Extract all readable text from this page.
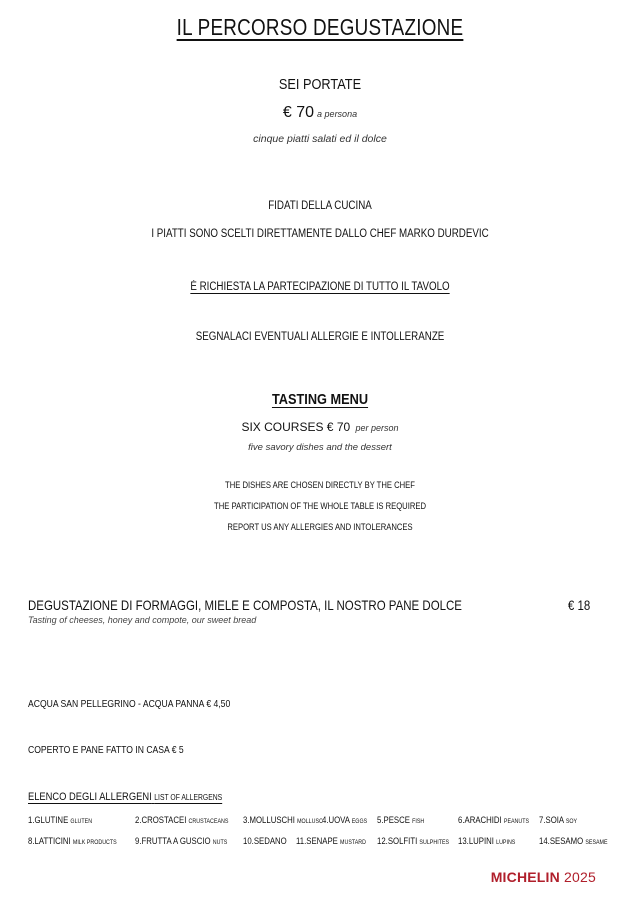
IL PERCORSO DEGUSTAZIONE
SEI PORTATE
€ 70 a persona
cinque piatti salati ed il dolce
FIDATI DELLA CUCINA
I PIATTI SONO SCELTI DIRETTAMENTE DALLO CHEF MARKO DURDEVIC
È RICHIESTA LA PARTECIPAZIONE DI TUTTO IL TAVOLO
SEGNALACI EVENTUALI ALLERGIE E INTOLLERANZE
TASTING MENU
SIX COURSES € 70 per person
five savory dishes and the dessert
THE DISHES ARE CHOSEN DIRECTLY BY THE CHEF
THE PARTICIPATION OF THE WHOLE TABLE IS REQUIRED
REPORT US ANY ALLERGIES AND INTOLERANCES
DEGUSTAZIONE DI FORMAGGI, MIELE E COMPOSTA, IL NOSTRO PANE DOLCE	€ 18
Tasting of cheeses, honey and compote, our sweet bread
ACQUA SAN PELLEGRINO - ACQUA PANNA € 4,50
COPERTO E PANE FATTO IN CASA € 5
ELENCO DEGLI ALLERGENI LIST OF ALLERGENS
1.GLUTINE GLUTEN	2.CROSTACEI CRUSTACEANS 3.MOLLUSCHI MOLLUSC 4.UOVA EGGS 5.PESCE FISH	6.ARACHIDI PEANUTS 7.SOIA SOY
8.LATTICINI MILK PRODUCTS 9.FRUTTA A GUSCIO NUTS 10.SEDANO 11.SENAPE MUSTARD 12.SOLFITI SULPHITES 13.LUPINI LUPINS 14.SESAMO SESAME
MICHELIN 2025
